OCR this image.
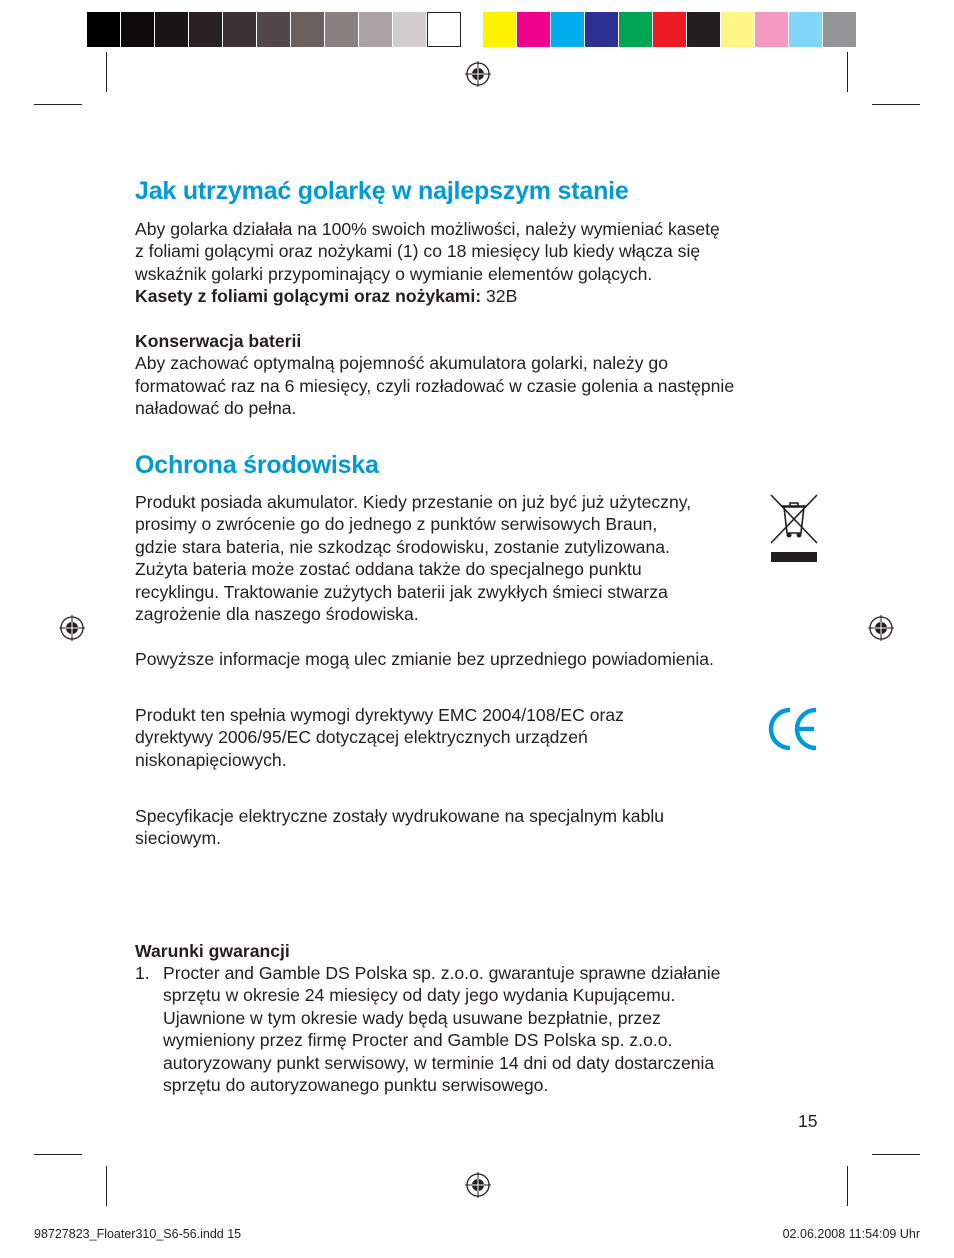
Jak utrzymać golarkę w najlepszym stanie

Aby golarka działała na 100% swoich możliwości, należy wymieniać kasetę

z foliami golącymi oraz nożykami (1) co 18 miesięcy lub kiedy włącza się

wskaźnik golarki przypominający o wymianie elementów golących.

Kasety z foliami golącymi oraz nożykami: 32B

Konserwacja baterii

Aby zachować optymalną pojemność akumulatora golarki, należy go

formatować raz na 6 miesięcy, czyli rozładować w czasie golenia a następnie

naładować do pełna.

Ochrona środowiska

Produkt posiada akumulator. Kiedy przestanie on już być już użyteczny,

prosimy o zwrócenie go do jednego z punktów serwisowych Braun,

gdzie stara bateria, nie szkodząc środowisku, zostanie zutylizowana.

Zużyta bateria może zostać oddana także do specjalnego punktu

recyklingu. Traktowanie zużytych baterii jak zwykłych śmieci stwarza

zagrożenie dla naszego środowiska.

Powyższe informacje mogą ulec zmianie bez uprzedniego powiadomienia.

Produkt ten spełnia wymogi dyrektywy EMC 2004/108/EC oraz

dyrektywy 2006/95/EC dotyczącej elektrycznych urządzeń

niskonapięciowych.

Specyfikacje elektryczne zostały wydrukowane na specjalnym kablu

sieciowym.

Warunki gwarancji

1. Procter and Gamble DS Polska sp. z.o.o. gwarantuje sprawne działanie
sprzętu w okresie 24 miesięcy od daty jego wydania Kupującemu.
Ujawnione w tym okresie wady będą usuwane bezpłatnie, przez
wymieniony przez firmę Procter and Gamble DS Polska sp. z.o.o.
autoryzowany punkt serwisowy, w terminie 14 dni od daty dostarczenia
sprzętu do autoryzowanego punktu serwisowego.
15
98727823_Floater310_S6-56.indd 15	02.06.2008 11:54:09 Uhr
